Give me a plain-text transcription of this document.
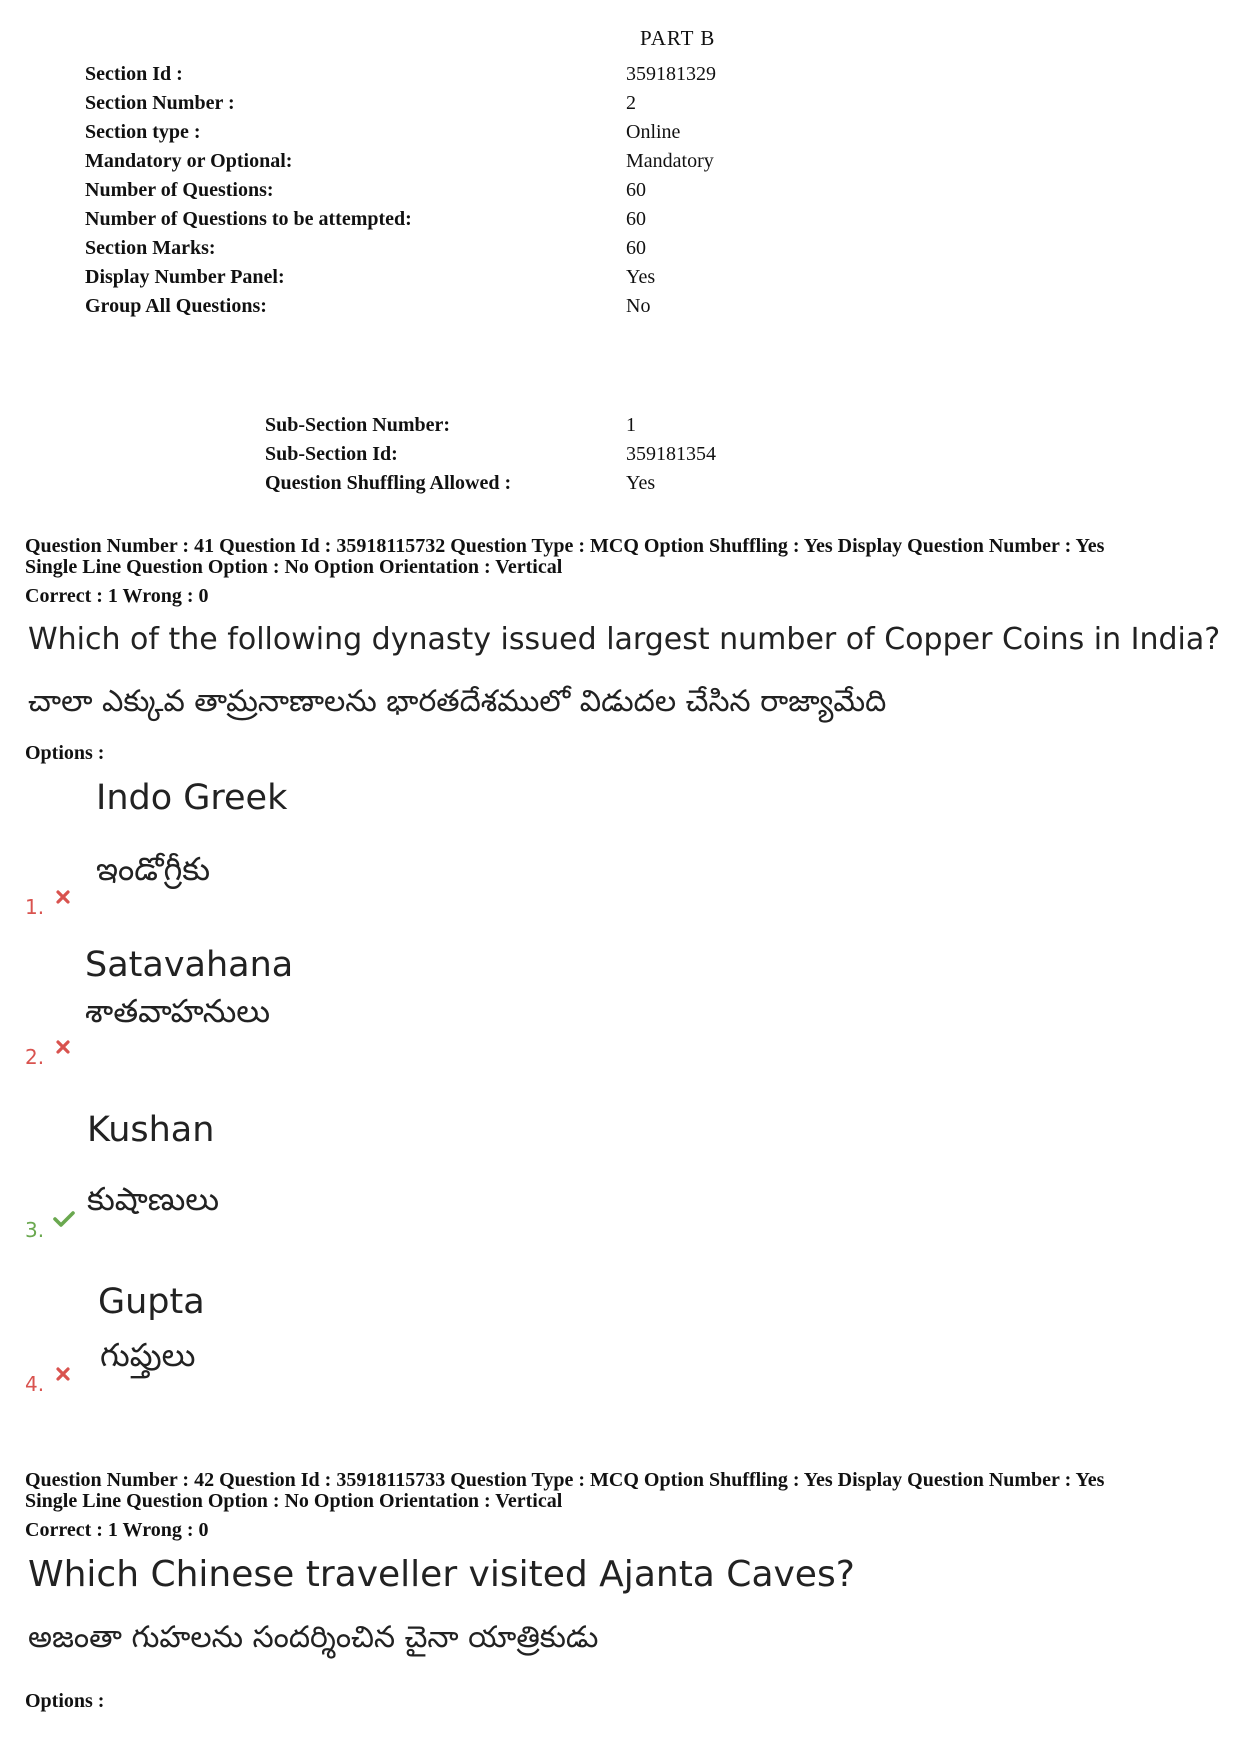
PART B
Section Id :	359181329
Section Number :	2
Section type :	Online
Mandatory or Optional:	Mandatory
Number of Questions:	60
Number of Questions to be attempted:	60
Section Marks:	60
Display Number Panel:	Yes
Group All Questions:	No
Sub-Section Number:	1
Sub-Section Id:	359181354
Question Shuffling Allowed :	Yes
Question Number : 41 Question Id : 35918115732 Question Type : MCQ Option Shuffling : Yes Display Question Number : Yes
Single Line Question Option : No Option Orientation : Vertical
Correct : 1 Wrong : 0
Which of the following dynasty issued largest number of Copper Coins in India?
చాలా ఎక్కువ తామ్రనాణాలను భారతదేశములో విడుదల చేసిన రాజ్యామేది
Options :
Indo Greek
ఇండోగ్రీకు
1.
Satavahana
శాతవాహనులు
2.
Kushan
కుషాణులు
3.
Gupta
గుప్తులు
4.
Question Number : 42 Question Id : 35918115733 Question Type : MCQ Option Shuffling : Yes Display Question Number : Yes
Single Line Question Option : No Option Orientation : Vertical
Correct : 1 Wrong : 0
Which Chinese traveller visited Ajanta Caves?
అజంతా గుహలను సందర్శించిన చైనా యాత్రికుడు
Options :
